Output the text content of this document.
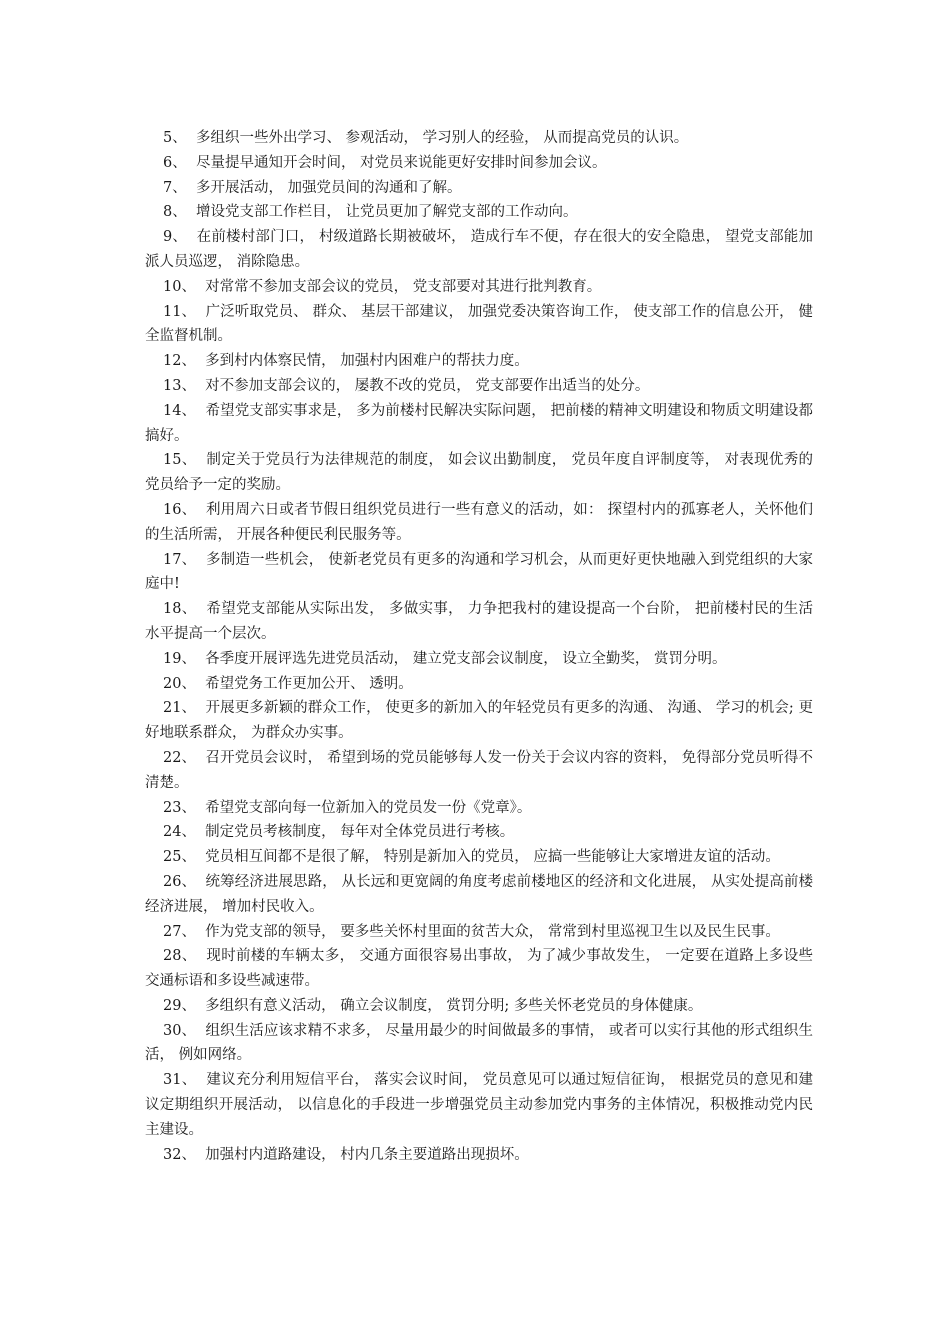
5、  多组织一些外出学习、 参观活动， 学习别人的经验， 从而提高党员的认识。

6、  尽量提早通知开会时间， 对党员来说能更好安排时间参加会议。

7、  多开展活动， 加强党员间的沟通和了解。

8、  增设党支部工作栏目， 让党员更加了解党支部的工作动向。

9、  在前楼村部门口， 村级道路长期被破坏， 造成行车不便，存在很大的安全隐患， 望党支部能加派人员巡逻， 消除隐患。

10、  对常常不参加支部会议的党员， 党支部要对其进行批判教育。

11、  广泛听取党员、 群众、 基层干部建议， 加强党委决策咨询工作， 使支部工作的信息公开， 健全监督机制。

12、  多到村内体察民情， 加强村内困难户的帮扶力度。

13、  对不参加支部会议的， 屡教不改的党员， 党支部要作出适当的处分。

14、  希望党支部实事求是， 多为前楼村民解决实际问题， 把前楼的精神文明建设和物质文明建设都搞好。

15、  制定关于党员行为法律规范的制度， 如会议出勤制度， 党员年度自评制度等， 对表现优秀的党员给予一定的奖励。

16、  利用周六日或者节假日组织党员进行一些有意义的活动，如： 探望村内的孤寡老人，关怀他们的生活所需， 开展各种便民利民服务等。

17、  多制造一些机会， 使新老党员有更多的沟通和学习机会，从而更好更快地融入到党组织的大家庭中!

18、  希望党支部能从实际出发， 多做实事， 力争把我村的建设提高一个台阶， 把前楼村民的生活水平提高一个层次。

19、  各季度开展评选先进党员活动， 建立党支部会议制度， 设立全勤奖， 赏罚分明。

20、  希望党务工作更加公开、 透明。

21、  开展更多新颖的群众工作， 使更多的新加入的年轻党员有更多的沟通、 沟通、 学习的机会; 更好地联系群众， 为群众办实事。

22、  召开党员会议时， 希望到场的党员能够每人发一份关于会议内容的资料， 免得部分党员听得不清楚。

23、  希望党支部向每一位新加入的党员发一份《党章》。

24、  制定党员考核制度， 每年对全体党员进行考核。

25、  党员相互间都不是很了解， 特别是新加入的党员， 应搞一些能够让大家增进友谊的活动。

26、  统筹经济进展思路， 从长远和更宽阔的角度考虑前楼地区的经济和文化进展， 从实处提高前楼经济进展， 增加村民收入。

27、  作为党支部的领导， 要多些关怀村里面的贫苦大众， 常常到村里巡视卫生以及民生民事。

28、  现时前楼的车辆太多， 交通方面很容易出事故， 为了减少事故发生， 一定要在道路上多设些交通标语和多设些减速带。

29、  多组织有意义活动， 确立会议制度， 赏罚分明; 多些关怀老党员的身体健康。

30、  组织生活应该求精不求多， 尽量用最少的时间做最多的事情， 或者可以实行其他的形式组织生活， 例如网络。

31、  建议充分利用短信平台， 落实会议时间， 党员意见可以通过短信征询， 根据党员的意见和建议定期组织开展活动， 以信息化的手段进一步增强党员主动参加党内事务的主体情况，积极推动党内民主建设。

32、  加强村内道路建设， 村内几条主要道路出现损坏。
